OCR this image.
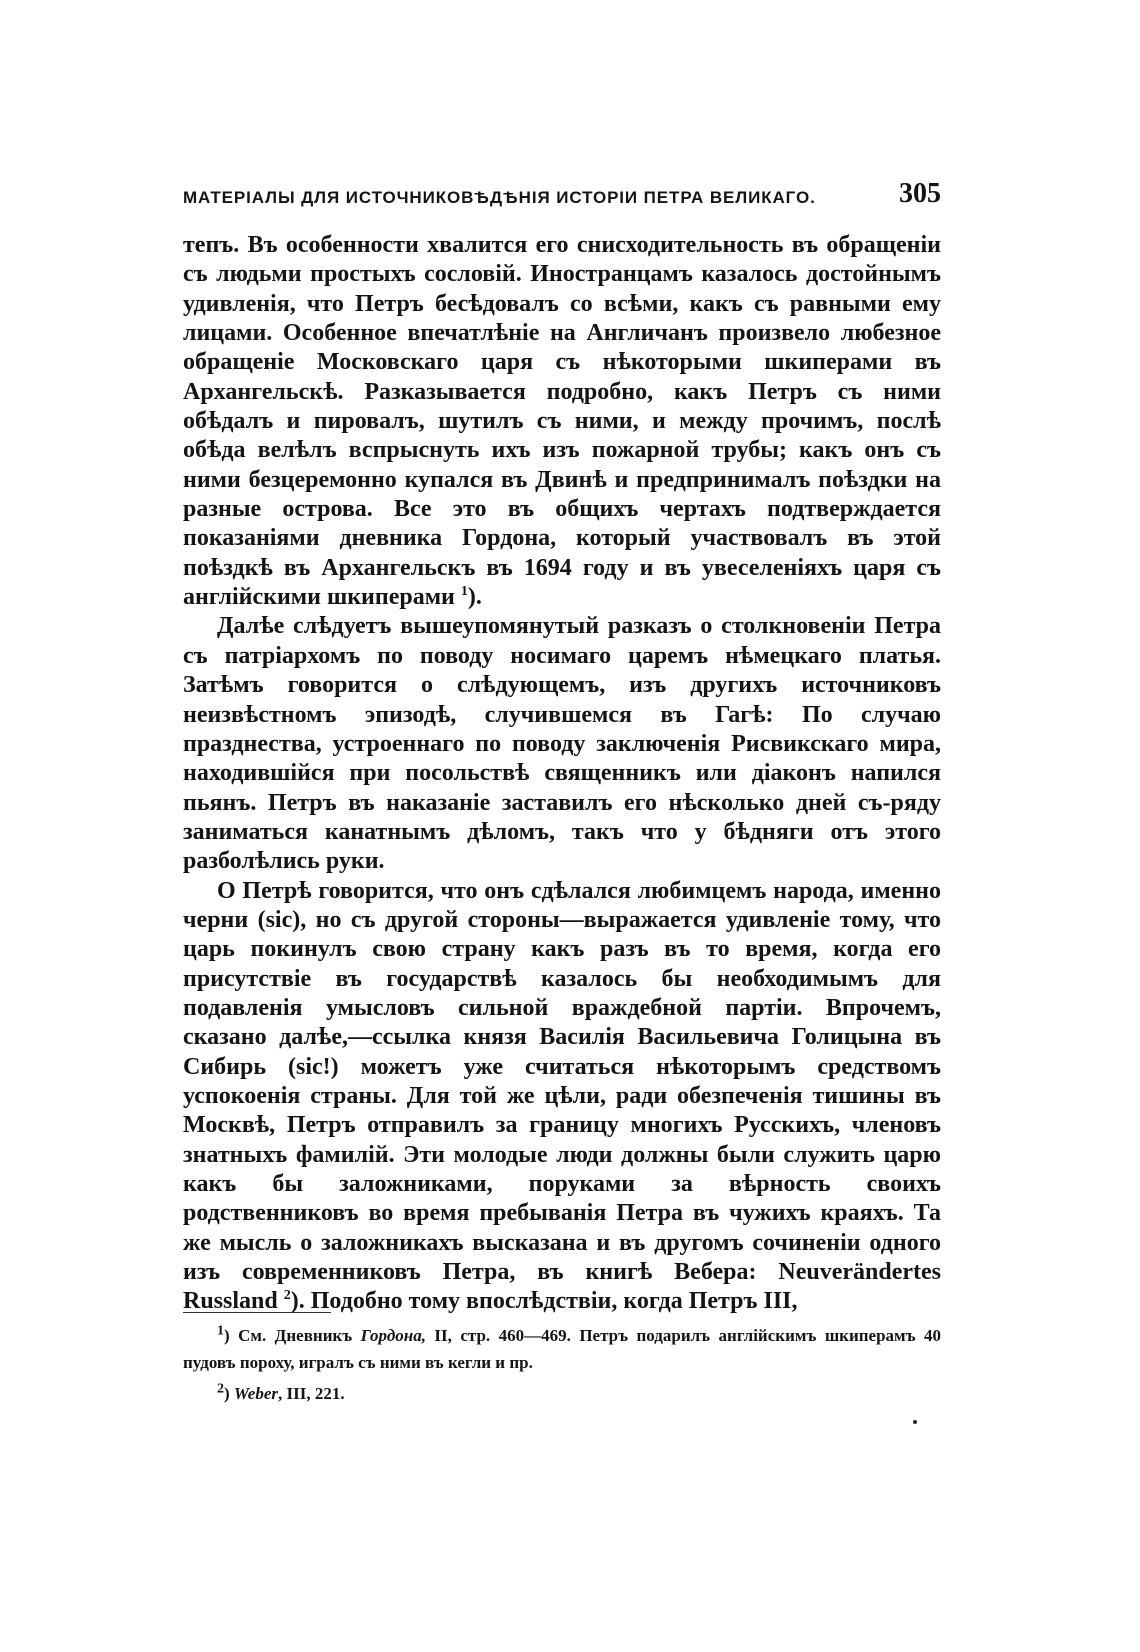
МАТЕРІАЛЫ ДЛЯ ИСТОЧНИКОВѢДѢНІЯ ИСТОРІИ ПЕТРА ВЕЛИКАГО.	305

тепъ. Въ особенности хвалится его снисходительность въ обращеніи съ людьми простыхъ сословій. Иностранцамъ казалось достойнымъ удивленія, что Петръ бесѣдовалъ со всѣми, какъ съ равными ему лицами. Особенное впечатлѣніе на Англичанъ произвело любезное обращеніе Московскаго царя съ нѣкоторыми шкиперами въ Архангельскѣ. Разказывается подробно, какъ Петръ съ ними обѣдалъ и пировалъ, шутилъ съ ними, и между прочимъ, послѣ обѣда велѣлъ вспрыснуть ихъ изъ пожарной трубы; какъ онъ съ ними безцеремонно купался въ Двинѣ и предпринималъ поѣздки на разные острова. Все это въ общихъ чертахъ подтверждается показаніями дневника Гордона, который участвовалъ въ этой поѣздкѣ въ Архангельскъ въ 1694 году и въ увеселеніяхъ царя съ англійскими шкиперами $^1$).

Далѣе слѣдуетъ вышеупомянутый разказъ о столкновеніи Петра съ патріархомъ по поводу носимаго царемъ нѣмецкаго платья. Затѣмъ говорится о слѣдующемъ, изъ другихъ источниковъ неизвѣстномъ эпизодѣ, случившемся въ Гагѣ: По случаю празднества, устроеннаго по поводу заключенія Рисвикскаго мира, находившійся при посольствѣ священникъ или діаконъ напился пьянъ. Петръ въ наказаніе заставилъ его нѣсколько дней съ-ряду заниматься канатнымъ дѣломъ, такъ что у бѣдняги отъ этого разболѣлись руки.

О Петрѣ говорится, что онъ сдѣлался любимцемъ народа, именно черни (sic), но съ другой стороны—выражается удивленіе тому, что царь покинулъ свою страну какъ разъ въ то время, когда его присутствіе въ государствѣ казалось бы необходимымъ для подавленія умысловъ сильной враждебной партіи. Впрочемъ, сказано далѣе,—ссылка князя Василія Васильевича Голицына въ Сибирь (sic!) можетъ уже считаться нѣкоторымъ средствомъ успокоенія страны. Для той же цѣли, ради обезпеченія тишины въ Москвѣ, Петръ отправилъ за границу многихъ Русскихъ, членовъ знатныхъ фамилій. Эти молодые люди должны были служить царю какъ бы заложниками, поруками за вѣрность своихъ родственниковъ во время пребыванія Петра въ чужихъ краяхъ. Та же мысль о заложникахъ высказана и въ другомъ сочиненіи одного изъ современниковъ Петра, въ книгѣ Вебера: Neuverändertes Russland $^2$). Подобно тому впослѣдствіи, когда Петръ III,

$^1$) См. Дневникъ Гордона, II, стр. 460—469. Петръ подарилъ англійскимъ шкиперамъ 40 пудовъ пороху, игралъ съ ними въ кегли и пр.

$^2$) Weber, III, 221.
